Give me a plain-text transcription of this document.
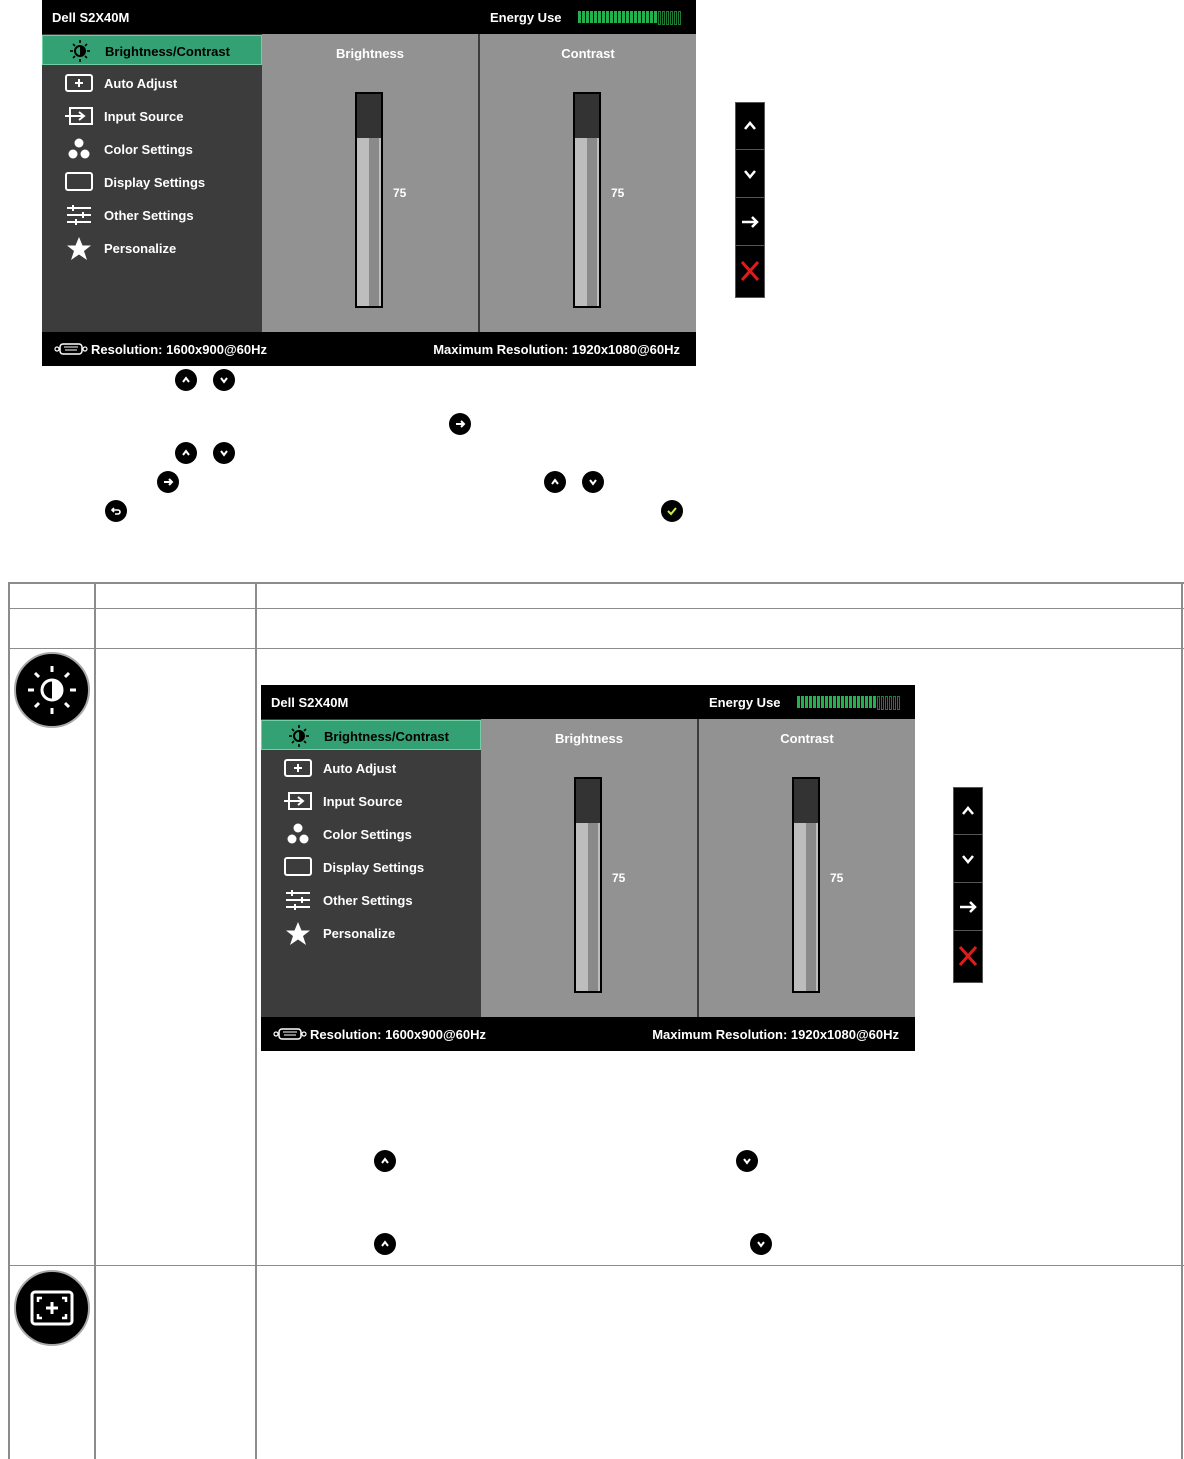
Dell S2X40M	Energy Use
Brightness/Contrast
Auto Adjust
Input Source
Color Settings
Display Settings
Other Settings
Personalize
Brightness
75
Contrast
75
Resolution: 1600x900@60Hz	Maximum Resolution: 1920x1080@60Hz
Dell S2X40M	Energy Use
Brightness/Contrast
Auto Adjust
Input Source
Color Settings
Display Settings
Other Settings
Personalize
Brightness
75
Contrast
75
Resolution: 1600x900@60Hz	Maximum Resolution: 1920x1080@60Hz
